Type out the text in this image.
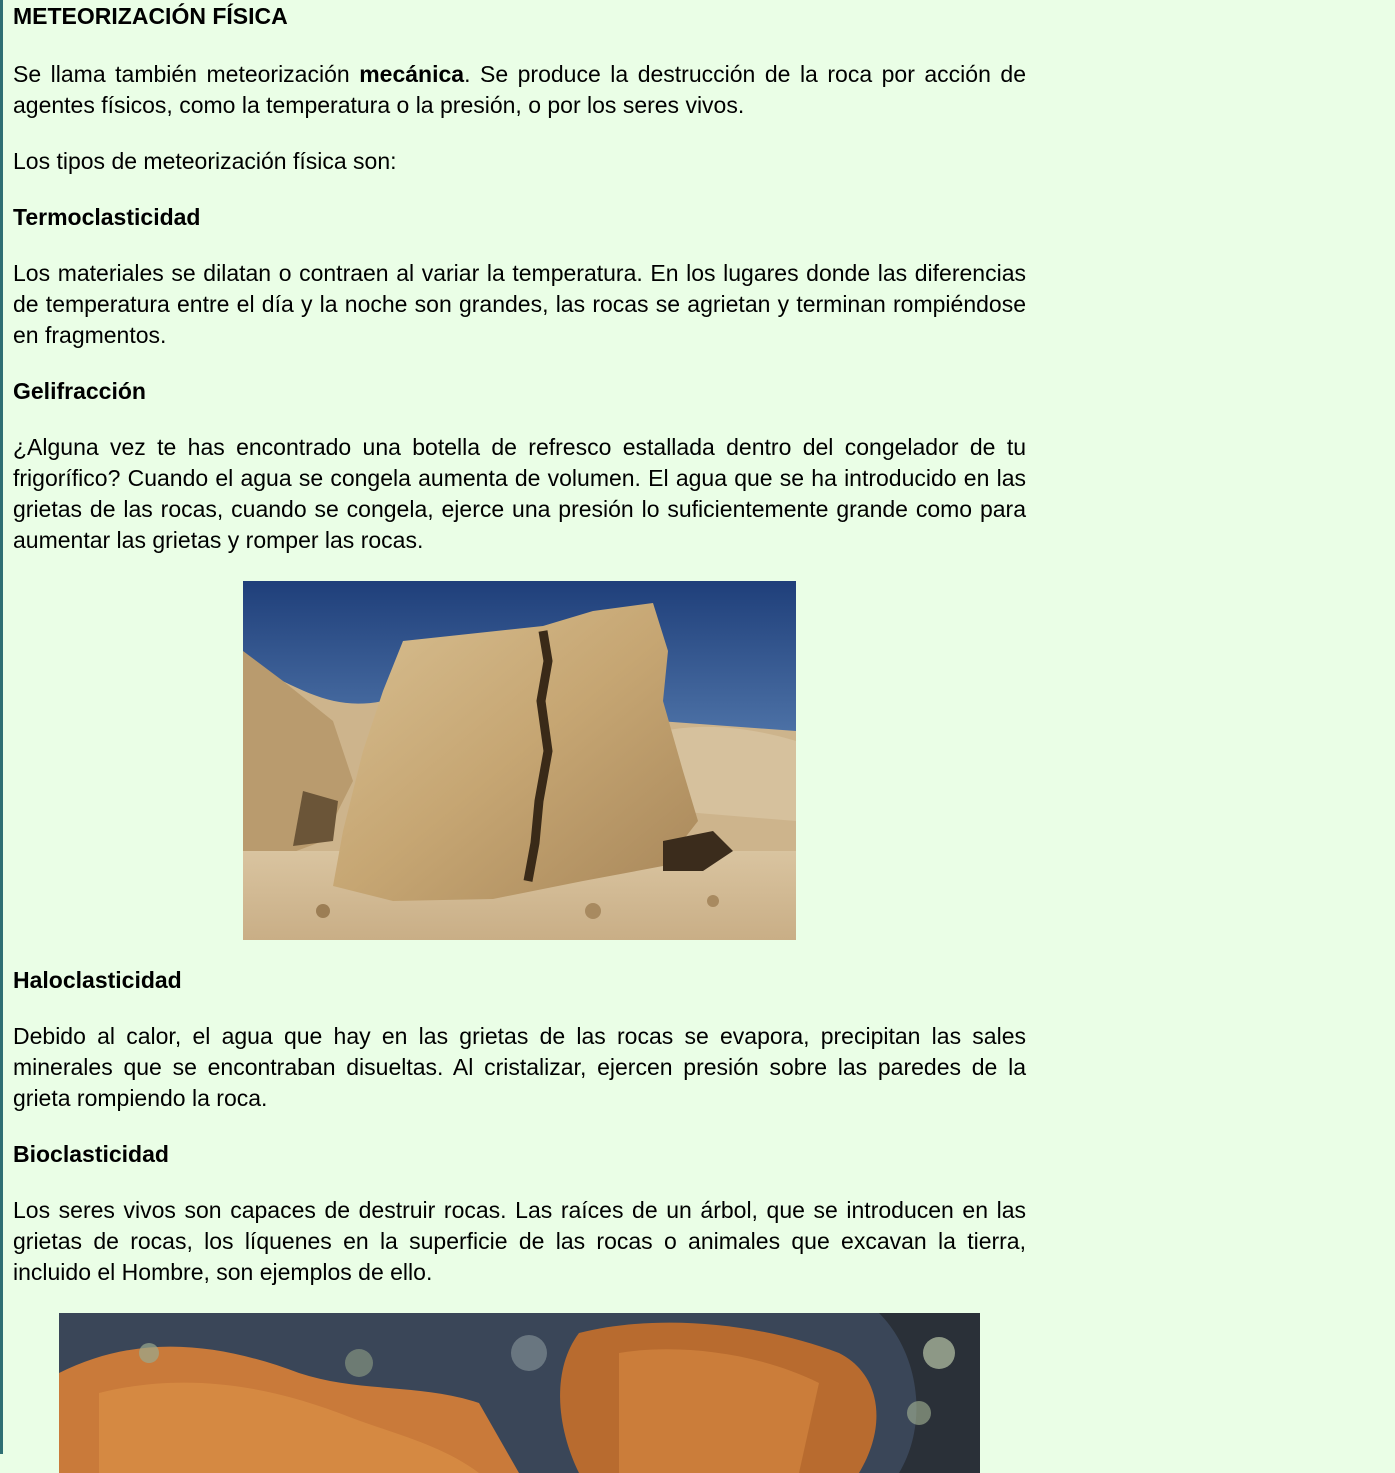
METEORIZACIÓN FÍSICA

Se llama también meteorización mecánica. Se produce la destrucción de la roca por acción de agentes físicos, como la temperatura o la presión, o por los seres vivos.

Los tipos de meteorización física son:

Termoclasticidad

Los materiales se dilatan o contraen al variar la temperatura. En los lugares donde las diferencias de temperatura entre el día y la noche son grandes, las rocas se agrietan y terminan rompiéndose en fragmentos.

Gelifracción

¿Alguna vez te has encontrado una botella de refresco estallada dentro del congelador de tu frigorífico? Cuando el agua se congela aumenta de volumen. El agua que se ha introducido en las grietas de las rocas, cuando se congela, ejerce una presión lo suficientemente grande como para aumentar las grietas y romper las rocas.

Haloclasticidad

Debido al calor, el agua que hay en las grietas de las rocas se evapora, precipitan las sales minerales que se encontraban disueltas. Al cristalizar, ejercen presión sobre las paredes de la grieta rompiendo la roca.

Bioclasticidad

Los seres vivos son capaces de destruir rocas. Las raíces de un árbol, que se introducen en las grietas de rocas, los líquenes en la superficie de las rocas o animales que excavan la tierra, incluido el Hombre, son ejemplos de ello.
